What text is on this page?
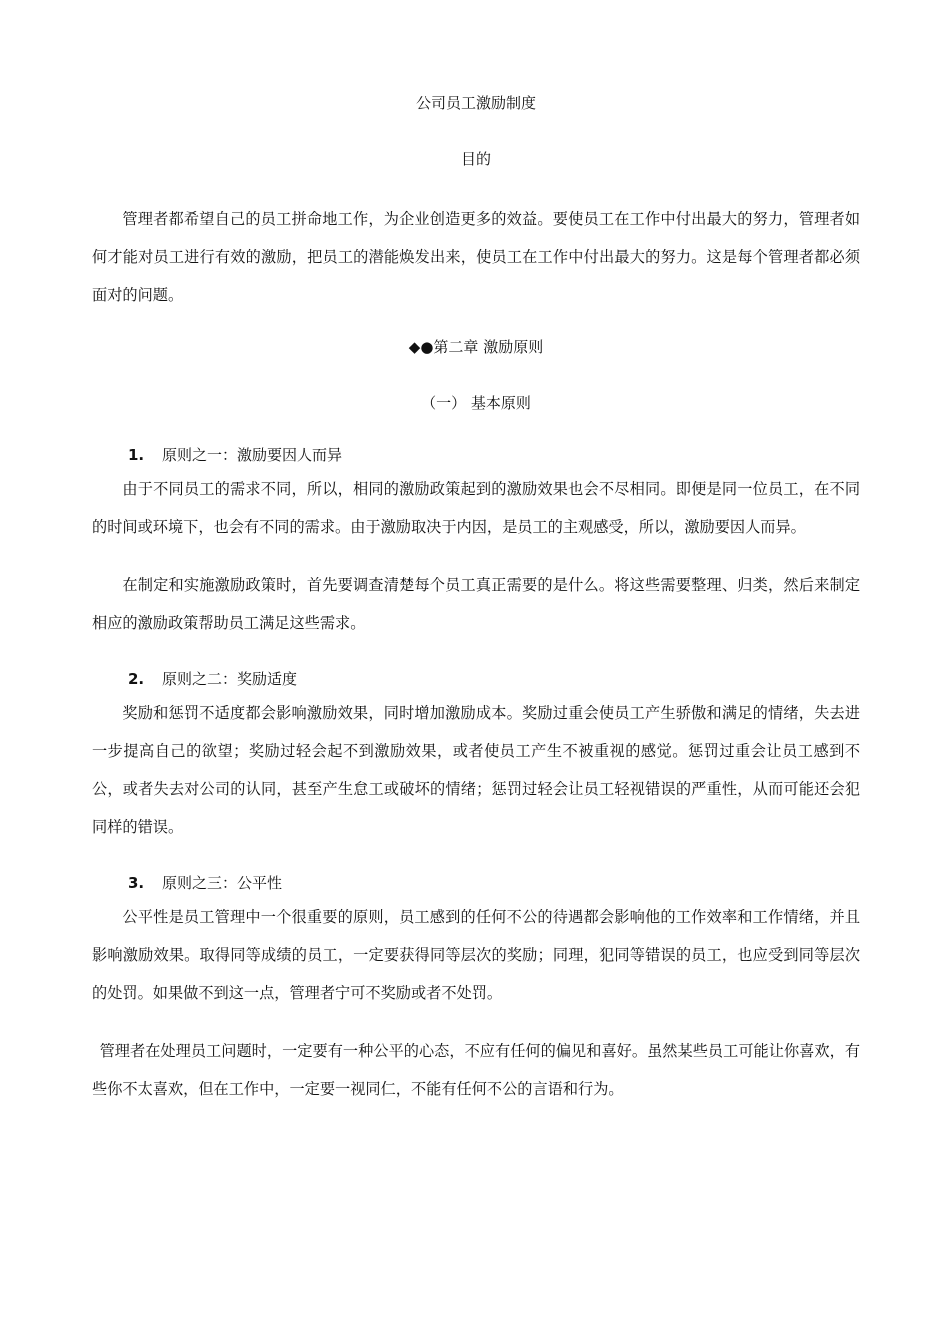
公司员工激励制度
目的

管理者都希望自己的员工拼命地工作，为企业创造更多的效益。要使员工在工作中付出最大的努力，管理者如何才能对员工进行有效的激励，把员工的潜能焕发出来，使员工在工作中付出最大的努力。这是每个管理者都必须面对的问题。

◆●第二章 激励原则
（一） 基本原则
1. 原则之一：激励要因人而异

由于不同员工的需求不同，所以，相同的激励政策起到的激励效果也会不尽相同。即便是同一位员工，在不同的时间或环境下，也会有不同的需求。由于激励取决于内因，是员工的主观感受，所以，激励要因人而异。

在制定和实施激励政策时，首先要调查清楚每个员工真正需要的是什么。将这些需要整理、归类，然后来制定相应的激励政策帮助员工满足这些需求。

2. 原则之二：奖励适度

奖励和惩罚不适度都会影响激励效果，同时增加激励成本。奖励过重会使员工产生骄傲和满足的情绪，失去进一步提高自己的欲望；奖励过轻会起不到激励效果，或者使员工产生不被重视的感觉。惩罚过重会让员工感到不公，或者失去对公司的认同，甚至产生怠工或破坏的情绪；惩罚过轻会让员工轻视错误的严重性，从而可能还会犯同样的错误。

3. 原则之三：公平性

公平性是员工管理中一个很重要的原则，员工感到的任何不公的待遇都会影响他的工作效率和工作情绪，并且影响激励效果。取得同等成绩的员工，一定要获得同等层次的奖励；同理，犯同等错误的员工，也应受到同等层次的处罚。如果做不到这一点，管理者宁可不奖励或者不处罚。

管理者在处理员工问题时，一定要有一种公平的心态，不应有任何的偏见和喜好。虽然某些员工可能让你喜欢，有些你不太喜欢，但在工作中，一定要一视同仁，不能有任何不公的言语和行为。
